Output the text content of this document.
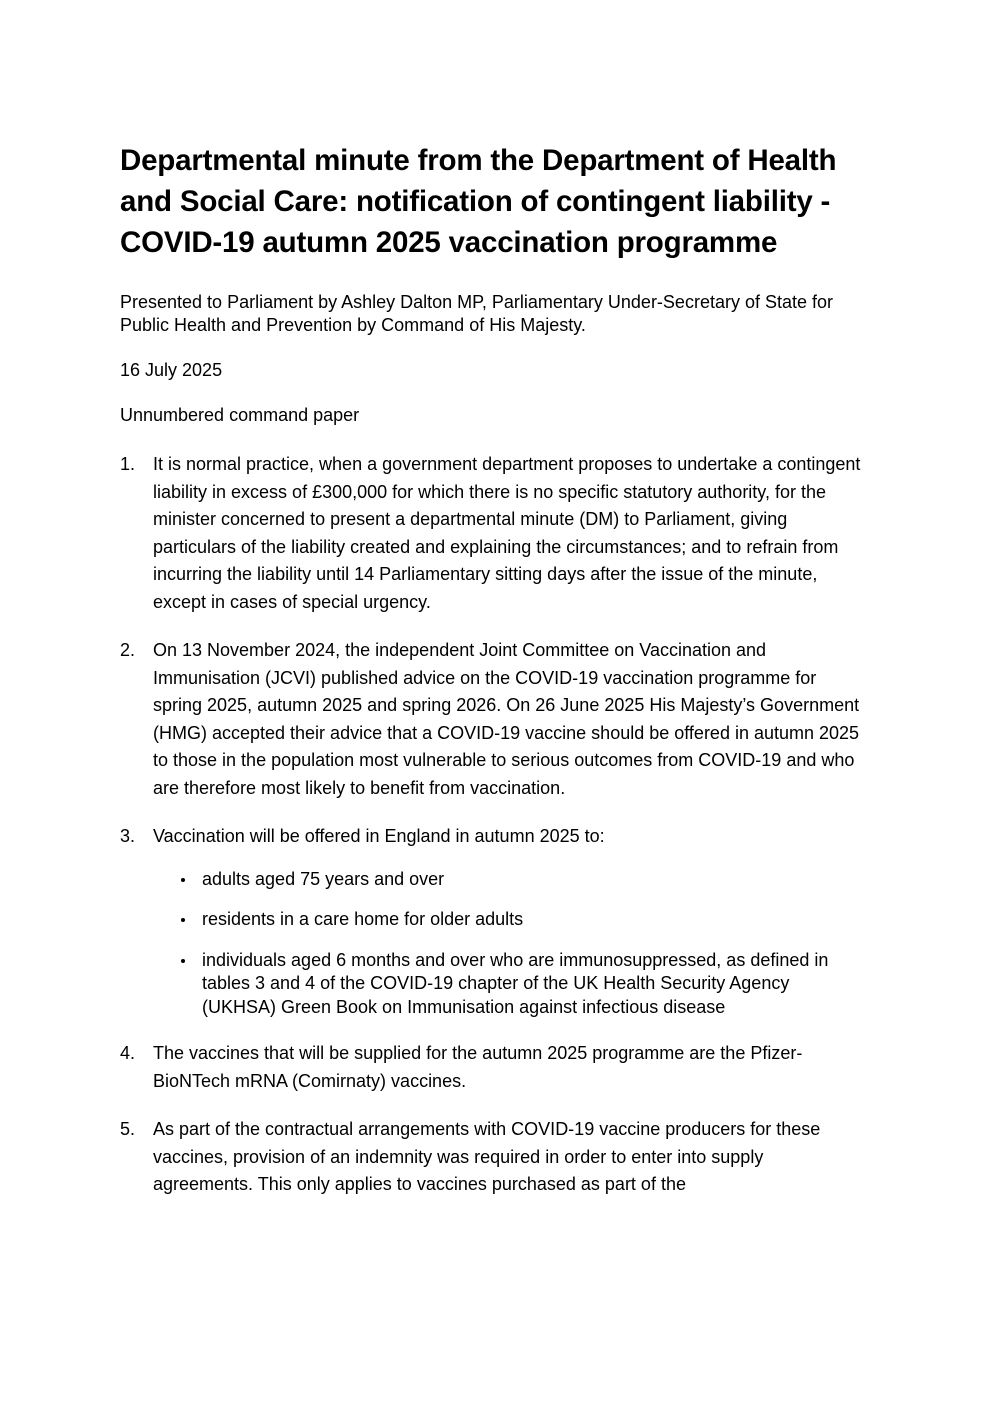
Departmental minute from the Department of Health and Social Care: notification of contingent liability - COVID-19 autumn 2025 vaccination programme

Presented to Parliament by Ashley Dalton MP, Parliamentary Under-Secretary of State for Public Health and Prevention by Command of His Majesty.

16 July 2025

Unnumbered command paper

It is normal practice, when a government department proposes to undertake a contingent liability in excess of £300,000 for which there is no specific statutory authority, for the minister concerned to present a departmental minute (DM) to Parliament, giving particulars of the liability created and explaining the circumstances; and to refrain from incurring the liability until 14 Parliamentary sitting days after the issue of the minute, except in cases of special urgency.
On 13 November 2024, the independent Joint Committee on Vaccination and Immunisation (JCVI) published advice on the COVID-19 vaccination programme for spring 2025, autumn 2025 and spring 2026. On 26 June 2025 His Majesty’s Government (HMG) accepted their advice that a COVID-19 vaccine should be offered in autumn 2025 to those in the population most vulnerable to serious outcomes from COVID-19 and who are therefore most likely to benefit from vaccination.
Vaccination will be offered in England in autumn 2025 to:
adults aged 75 years and over
residents in a care home for older adults
individuals aged 6 months and over who are immunosuppressed, as defined in tables 3 and 4 of the COVID-19 chapter of the UK Health Security Agency (UKHSA) Green Book on Immunisation against infectious disease
The vaccines that will be supplied for the autumn 2025 programme are the Pfizer-BioNTech mRNA (Comirnaty) vaccines.
As part of the contractual arrangements with COVID-19 vaccine producers for these vaccines, provision of an indemnity was required in order to enter into supply agreements. This only applies to vaccines purchased as part of the
